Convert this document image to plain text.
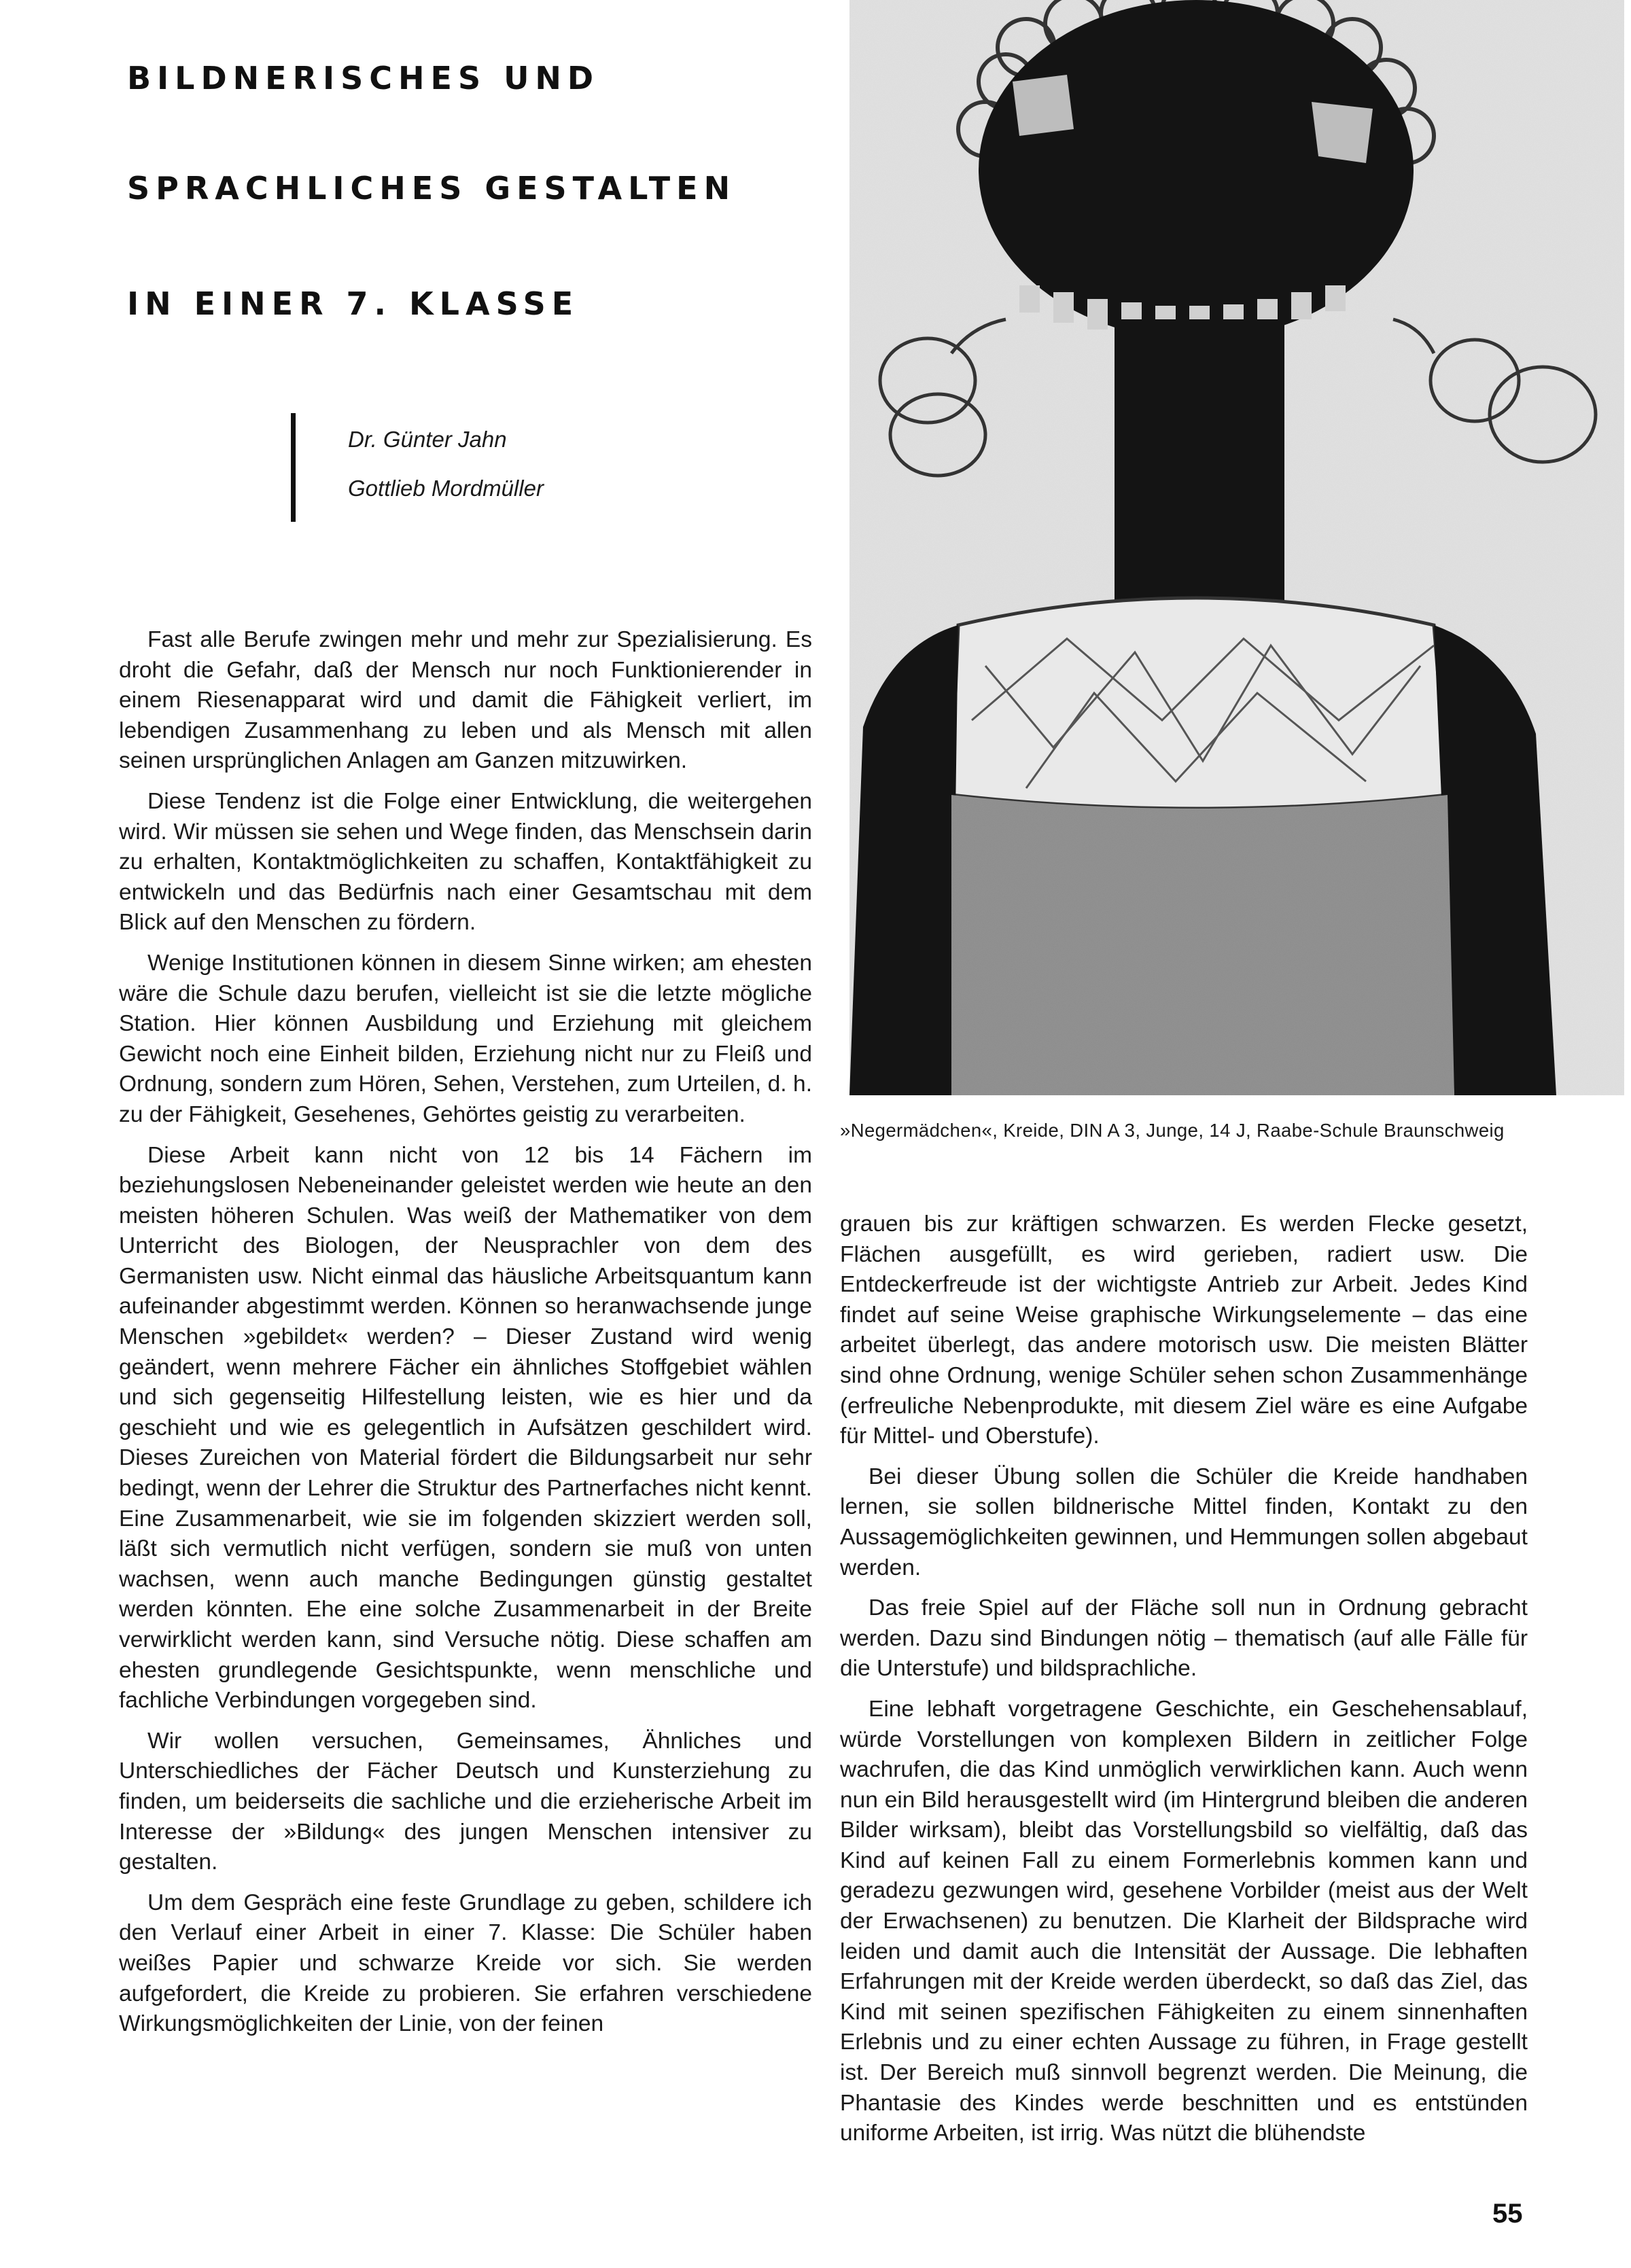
BILDNERISCHES UND
SPRACHLICHES GESTALTEN
IN EINER 7. KLASSE
Dr. Günter Jahn
Gottlieb Mordmüller
»Negermädchen«, Kreide, DIN A 3, Junge, 14 J, Raabe-Schule Braunschweig

Fast alle Berufe zwingen mehr und mehr zur Spezialisierung. Es droht die Gefahr, daß der Mensch nur noch Funktionierender in einem Riesenapparat wird und damit die Fähigkeit verliert, im lebendigen Zusammenhang zu leben und als Mensch mit allen seinen ursprünglichen Anlagen am Ganzen mitzuwirken.

Diese Tendenz ist die Folge einer Entwicklung, die weitergehen wird. Wir müssen sie sehen und Wege finden, das Menschsein darin zu erhalten, Kontaktmöglichkeiten zu schaffen, Kontaktfähigkeit zu entwickeln und das Bedürfnis nach einer Gesamtschau mit dem Blick auf den Menschen zu fördern.

Wenige Institutionen können in diesem Sinne wirken; am ehesten wäre die Schule dazu berufen, vielleicht ist sie die letzte mögliche Station. Hier können Ausbildung und Erziehung mit gleichem Gewicht noch eine Einheit bilden, Erziehung nicht nur zu Fleiß und Ordnung, sondern zum Hören, Sehen, Verstehen, zum Urteilen, d. h. zu der Fähigkeit, Gesehenes, Gehörtes geistig zu verarbeiten.

Diese Arbeit kann nicht von 12 bis 14 Fächern im beziehungslosen Nebeneinander geleistet werden wie heute an den meisten höheren Schulen. Was weiß der Mathematiker von dem Unterricht des Biologen, der Neusprachler von dem des Germanisten usw. Nicht einmal das häusliche Arbeitsquantum kann aufeinander abgestimmt werden. Können so heranwachsende junge Menschen »gebildet« werden? – Dieser Zustand wird wenig geändert, wenn mehrere Fächer ein ähnliches Stoffgebiet wählen und sich gegenseitig Hilfestellung leisten, wie es hier und da geschieht und wie es gelegentlich in Aufsätzen geschildert wird. Dieses Zureichen von Material fördert die Bildungsarbeit nur sehr bedingt, wenn der Lehrer die Struktur des Partnerfaches nicht kennt. Eine Zusammenarbeit, wie sie im folgenden skizziert werden soll, läßt sich vermutlich nicht verfügen, sondern sie muß von unten wachsen, wenn auch manche Bedingungen günstig gestaltet werden könnten. Ehe eine solche Zusammenarbeit in der Breite verwirklicht werden kann, sind Versuche nötig. Diese schaffen am ehesten grundlegende Gesichtspunkte, wenn menschliche und fachliche Verbindungen vorgegeben sind.

Wir wollen versuchen, Gemeinsames, Ähnliches und Unterschiedliches der Fächer Deutsch und Kunsterziehung zu finden, um beiderseits die sachliche und die erzieherische Arbeit im Interesse der »Bildung« des jungen Menschen intensiver zu gestalten.

Um dem Gespräch eine feste Grundlage zu geben, schildere ich den Verlauf einer Arbeit in einer 7. Klasse: Die Schüler haben weißes Papier und schwarze Kreide vor sich. Sie werden aufgefordert, die Kreide zu probieren. Sie erfahren verschiedene Wirkungsmöglichkeiten der Linie, von der feinen

grauen bis zur kräftigen schwarzen. Es werden Flecke gesetzt, Flächen ausgefüllt, es wird gerieben, radiert usw. Die Entdeckerfreude ist der wichtigste Antrieb zur Arbeit. Jedes Kind findet auf seine Weise graphische Wirkungselemente – das eine arbeitet überlegt, das andere motorisch usw. Die meisten Blätter sind ohne Ordnung, wenige Schüler sehen schon Zusammenhänge (erfreuliche Nebenprodukte, mit diesem Ziel wäre es eine Aufgabe für Mittel- und Oberstufe).

Bei dieser Übung sollen die Schüler die Kreide handhaben lernen, sie sollen bildnerische Mittel finden, Kontakt zu den Aussagemöglichkeiten gewinnen, und Hemmungen sollen abgebaut werden.

Das freie Spiel auf der Fläche soll nun in Ordnung gebracht werden. Dazu sind Bindungen nötig – thematisch (auf alle Fälle für die Unterstufe) und bildsprachliche.

Eine lebhaft vorgetragene Geschichte, ein Geschehensablauf, würde Vorstellungen von komplexen Bildern in zeitlicher Folge wachrufen, die das Kind unmöglich verwirklichen kann. Auch wenn nun ein Bild herausgestellt wird (im Hintergrund bleiben die anderen Bilder wirksam), bleibt das Vorstellungsbild so vielfältig, daß das Kind auf keinen Fall zu einem Formerlebnis kommen kann und geradezu gezwungen wird, gesehene Vorbilder (meist aus der Welt der Erwachsenen) zu benutzen. Die Klarheit der Bildsprache wird leiden und damit auch die Intensität der Aussage. Die lebhaften Erfahrungen mit der Kreide werden überdeckt, so daß das Ziel, das Kind mit seinen spezifischen Fähigkeiten zu einem sinnenhaften Erlebnis und zu einer echten Aussage zu führen, in Frage gestellt ist. Der Bereich muß sinnvoll begrenzt werden. Die Meinung, die Phantasie des Kindes werde beschnitten und es entstünden uniforme Arbeiten, ist irrig. Was nützt die blühendste

55
